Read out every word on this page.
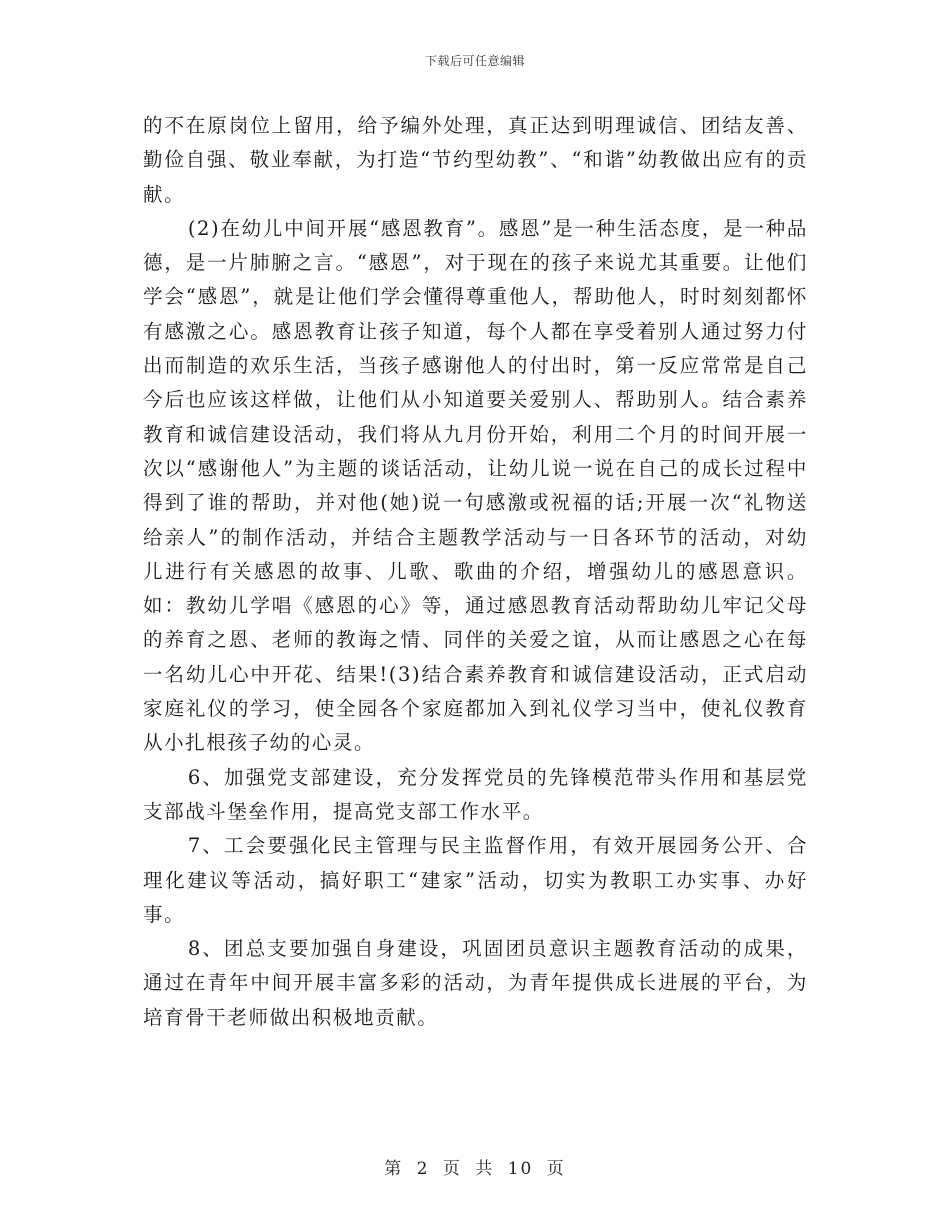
下载后可任意编辑

的不在原岗位上留用，给予编外处理，真正达到明理诚信、团结友善、勤俭自强、敬业奉献，为打造“节约型幼教”、“和谐”幼教做出应有的贡献。

(2)在幼儿中间开展“感恩教育”。感恩”是一种生活态度，是一种品德，是一片肺腑之言。“感恩”，对于现在的孩子来说尤其重要。让他们学会“感恩”，就是让他们学会懂得尊重他人，帮助他人，时时刻刻都怀有感激之心。感恩教育让孩子知道，每个人都在享受着别人通过努力付出而制造的欢乐生活，当孩子感谢他人的付出时，第一反应常常是自己今后也应该这样做，让他们从小知道要关爱别人、帮助别人。结合素养教育和诚信建设活动，我们将从九月份开始，利用二个月的时间开展一次以“感谢他人”为主题的谈话活动，让幼儿说一说在自己的成长过程中得到了谁的帮助，并对他(她)说一句感激或祝福的话;开展一次“礼物送给亲人”的制作活动，并结合主题教学活动与一日各环节的活动，对幼儿进行有关感恩的故事、儿歌、歌曲的介绍，增强幼儿的感恩意识。如：教幼儿学唱《感恩的心》等，通过感恩教育活动帮助幼儿牢记父母的养育之恩、老师的教诲之情、同伴的关爱之谊，从而让感恩之心在每一名幼儿心中开花、结果!(3)结合素养教育和诚信建设活动，正式启动家庭礼仪的学习，使全园各个家庭都加入到礼仪学习当中，使礼仪教育从小扎根孩子幼的心灵。

6、加强党支部建设，充分发挥党员的先锋模范带头作用和基层党支部战斗堡垒作用，提高党支部工作水平。

7、工会要强化民主管理与民主监督作用，有效开展园务公开、合理化建议等活动，搞好职工“建家”活动，切实为教职工办实事、办好事。

8、团总支要加强自身建设，巩固团员意识主题教育活动的成果，通过在青年中间开展丰富多彩的活动，为青年提供成长进展的平台，为培育骨干老师做出积极地贡献。

第 2 页 共 10 页
